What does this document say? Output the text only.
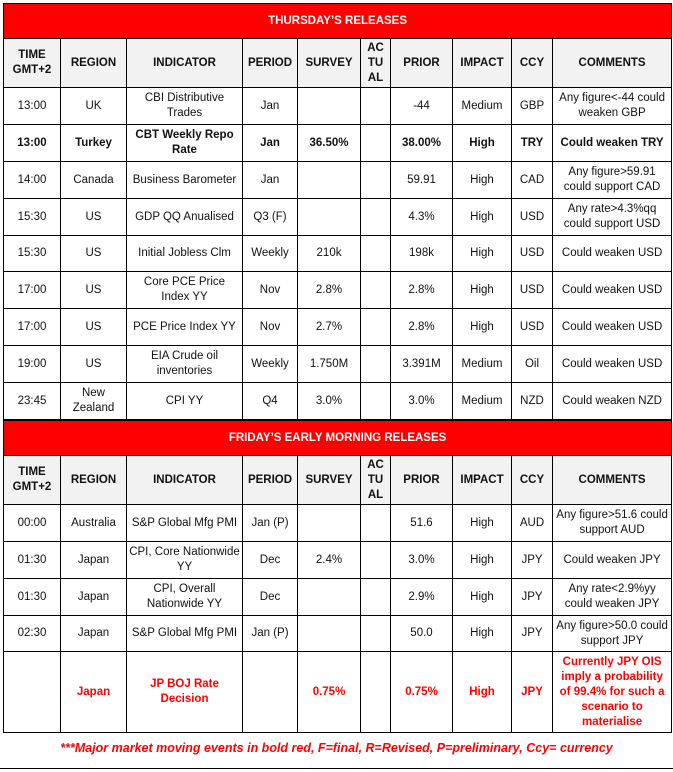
THURSDAY’S RELEASES									
TIME GMT+2	REGION	INDICATOR	PERIOD	SURVEY	AC TU AL	PRIOR	IMPACT	CCY	COMMENTS
13:00	UK	CBI Distributive Trades	Jan			-44	Medium	GBP	Any figure<-44 could weaken GBP
13:00	Turkey	CBT Weekly Repo Rate	Jan	36.50%		38.00%	High	TRY	Could weaken TRY
14:00	Canada	Business Barometer	Jan			59.91	High	CAD	Any figure>59.91 could support CAD
15:30	US	GDP QQ Anualised	Q3 (F)			4.3%	High	USD	Any rate>4.3%qq could support USD
15:30	US	Initial Jobless Clm	Weekly	210k		198k	High	USD	Could weaken USD
17:00	US	Core PCE Price Index YY	Nov	2.8%		2.8%	High	USD	Could weaken USD
17:00	US	PCE Price Index YY	Nov	2.7%		2.8%	High	USD	Could weaken USD
19:00	US	EIA Crude oil inventories	Weekly	1.750M		3.391M	Medium	Oil	Could weaken USD
23:45	New Zealand	CPI YY	Q4	3.0%		3.0%	Medium	NZD	Could weaken NZD
FRIDAY’S EARLY MORNING RELEASES									
TIME GMT+2	REGION	INDICATOR	PERIOD	SURVEY	AC TU AL	PRIOR	IMPACT	CCY	COMMENTS
00:00	Australia	S&P Global Mfg PMI	Jan (P)			51.6	High	AUD	Any figure>51.6 could support AUD
01:30	Japan	CPI, Core Nationwide YY	Dec	2.4%		3.0%	High	JPY	Could weaken JPY
01:30	Japan	CPI, Overall Nationwide YY	Dec			2.9%	High	JPY	Any rate<2.9%yy could weaken JPY
02:30	Japan	S&P Global Mfg PMI	Jan (P)			50.0	High	JPY	Any figure>50.0 could support JPY
	Japan	JP BOJ Rate Decision		0.75%		0.75%	High	JPY	Currently JPY OIS imply a probability of 99.4% for such a scenario to materialise
***Major market moving events in bold red, F=final, R=Revised, P=preliminary, Ccy= currency
